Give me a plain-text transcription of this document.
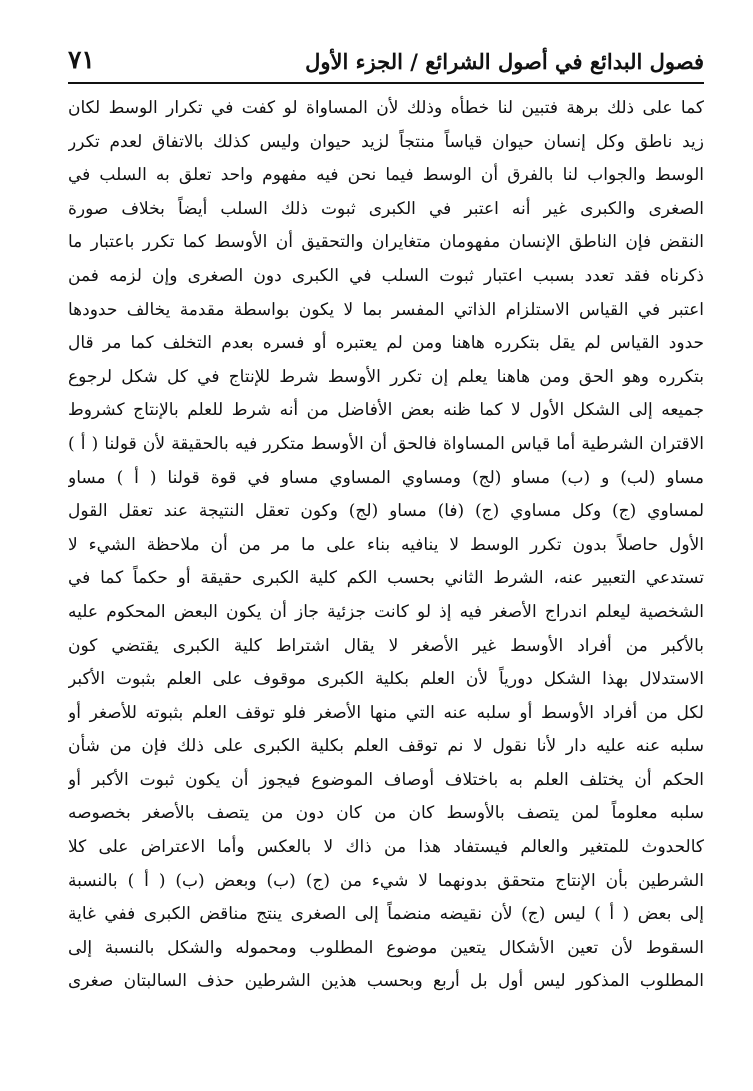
٧١	فصول البدائع في أصول الشرائع / الجزء الأول
كما على ذلك برهة فتبين لنا خطأه وذلك لأن المساواة لو كفت في تكرار الوسط لكان
زيد ناطق وكل إنسان حيوان قياساً منتجاً لزيد حيوان وليس كذلك بالاتفاق لعدم تكرر
الوسط والجواب لنا بالفرق أن الوسط فيما نحن فيه مفهوم واحد تعلق به السلب في
الصغرى والكبرى غير أنه اعتبر في الكبرى ثبوت ذلك السلب أيضاً بخلاف صورة
النقض فإن الناطق الإنسان مفهومان متغايران والتحقيق أن الأوسط كما تكرر باعتبار ما
ذكرناه فقد تعدد بسبب اعتبار ثبوت السلب في الكبرى دون الصغرى وإن لزمه فمن
اعتبر في القياس الاستلزام الذاتي المفسر بما لا يكون بواسطة مقدمة يخالف حدودها
حدود القياس لم يقل بتكرره هاهنا ومن لم يعتبره أو فسره بعدم التخلف كما مر قال
بتكرره وهو الحق ومن هاهنا يعلم إن تكرر الأوسط شرط للإنتاج في كل شكل لرجوع
جميعه إلى الشكل الأول لا كما ظنه بعض الأفاضل من أنه شرط للعلم بالإنتاج كشروط
الاقتران الشرطية أما قياس المساواة فالحق أن الأوسط متكرر فيه بالحقيقة لأن قولنا ( أ )
مساو (لب) و (ب) مساو (لج) ومساوي المساوي مساو في قوة قولنا ( أ ) مساو
لمساوي (ج) وكل مساوي (ج) (فا) مساو (لج) وكون تعقل النتيجة عند تعقل القول
الأول حاصلاً بدون تكرر الوسط لا ينافيه بناء على ما مر من أن ملاحظة الشيء لا
تستدعي التعبير عنه، الشرط الثاني بحسب الكم كلية الكبرى حقيقة أو حكماً كما في
الشخصية ليعلم اندراج الأصغر فيه إذ لو كانت جزئية جاز أن يكون البعض المحكوم عليه
بالأكبر من أفراد الأوسط غير الأصغر لا يقال اشتراط كلية الكبرى يقتضي كون
الاستدلال بهذا الشكل دورياً لأن العلم بكلية الكبرى موقوف على العلم بثبوت الأكبر
لكل من أفراد الأوسط أو سلبه عنه التي منها الأصغر فلو توقف العلم بثبوته للأصغر أو
سلبه عنه عليه دار لأنا نقول لا نم توقف العلم بكلية الكبرى على ذلك فإن من شأن
الحكم أن يختلف العلم به باختلاف أوصاف الموضوع فيجوز أن يكون ثبوت الأكبر أو
سلبه معلوماً لمن يتصف بالأوسط كان من كان دون من يتصف بالأصغر بخصوصه
كالحدوث للمتغير والعالم فيستفاد هذا من ذاك لا بالعكس وأما الاعتراض على كلا
الشرطين بأن الإنتاج متحقق بدونهما لا شيء من (ج) (ب) وبعض (ب) ( أ ) بالنسبة
إلى بعض ( أ ) ليس (ج) لأن نقيضه منضماً إلى الصغرى ينتج مناقض الكبرى ففي غاية
السقوط لأن تعين الأشكال يتعين موضوع المطلوب ومحموله والشكل بالنسبة إلى
المطلوب المذكور ليس أول بل أربع وبحسب هذين الشرطين حذف السالبتان صغرى
